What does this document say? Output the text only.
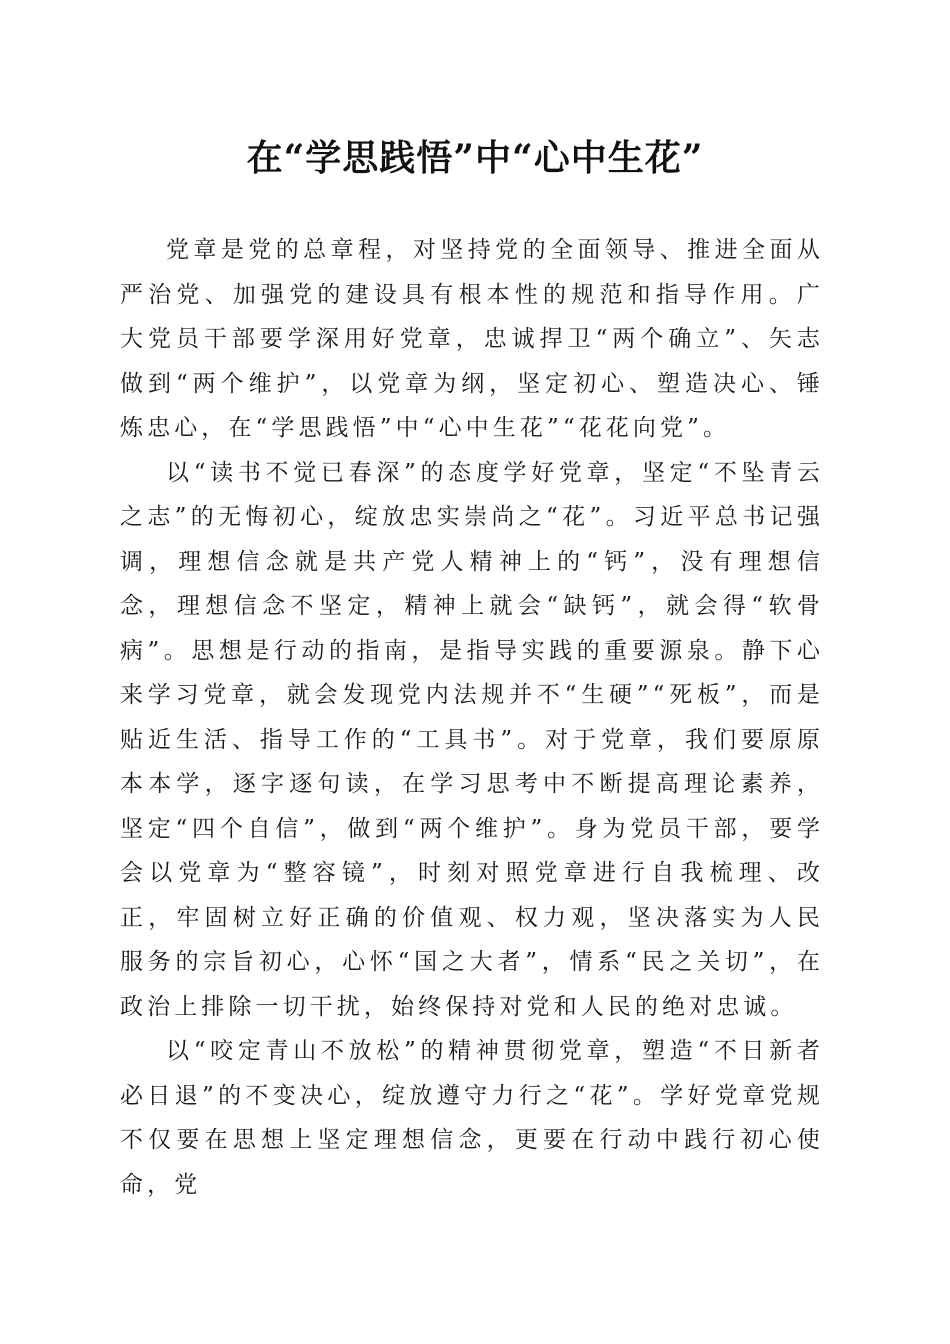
在“学思践悟”中“心中生花”

党章是党的总章程，对坚持党的全面领导、推进全面从严治党、加强党的建设具有根本性的规范和指导作用。广大党员干部要学深用好党章，忠诚捍卫“两个确立”、矢志做到“两个维护”，以党章为纲，坚定初心、塑造决心、锤炼忠心，在“学思践悟”中“心中生花”“花花向党”。

以“读书不觉已春深”的态度学好党章，坚定“不坠青云之志”的无悔初心，绽放忠实崇尚之“花”。习近平总书记强调，理想信念就是共产党人精神上的“钙”，没有理想信念，理想信念不坚定，精神上就会“缺钙”，就会得“软骨病”。思想是行动的指南，是指导实践的重要源泉。静下心来学习党章，就会发现党内法规并不“生硬”“死板”，而是贴近生活、指导工作的“工具书”。对于党章，我们要原原本本学，逐字逐句读，在学习思考中不断提高理论素养，坚定“四个自信”，做到“两个维护”。身为党员干部，要学会以党章为“整容镜”，时刻对照党章进行自我梳理、改正，牢固树立好正确的价值观、权力观，坚决落实为人民服务的宗旨初心，心怀“国之大者”，情系“民之关切”，在政治上排除一切干扰，始终保持对党和人民的绝对忠诚。

以“咬定青山不放松”的精神贯彻党章，塑造“不日新者必日退”的不变决心，绽放遵守力行之“花”。学好党章党规不仅要在思想上坚定理想信念，更要在行动中践行初心使命，党
